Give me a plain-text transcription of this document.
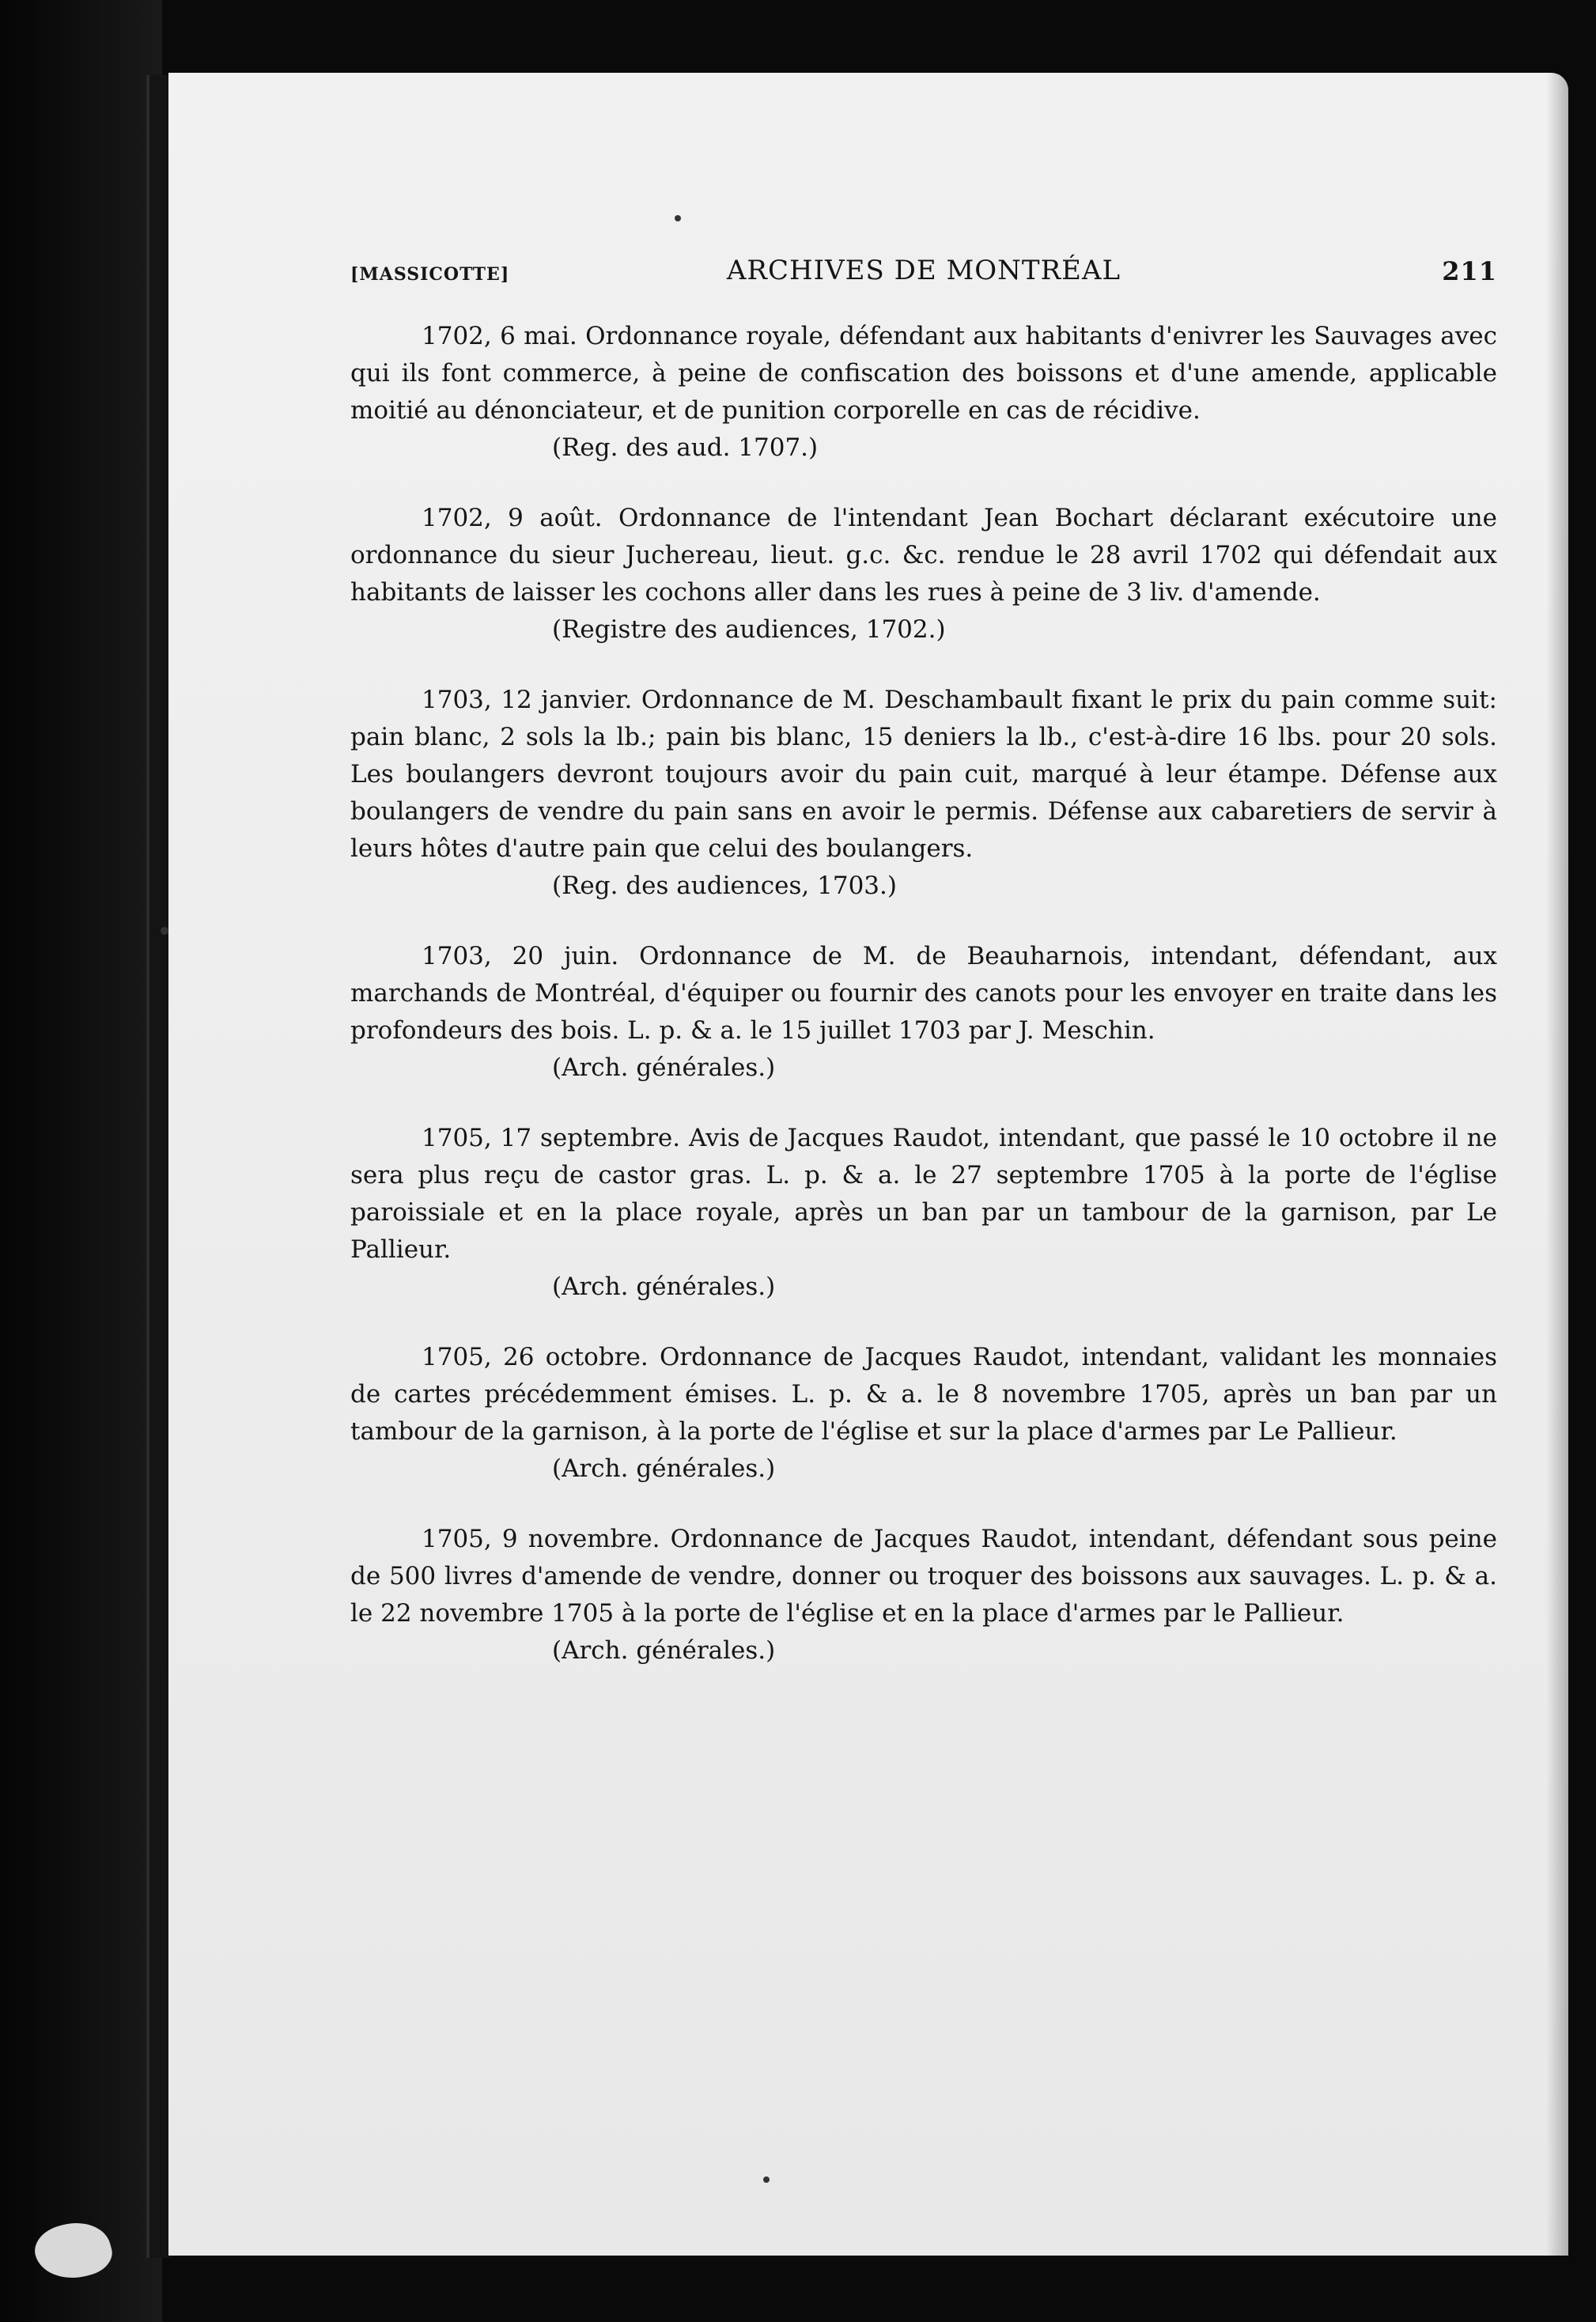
[MASSICOTTE]	ARCHIVES DE MONTRÉAL	211

1702, 6 mai. Ordonnance royale, défendant aux habitants d'enivrer les Sauvages avec qui ils font commerce, à peine de confiscation des boissons et d'une amende, applicable moitié au dénonciateur, et de punition corporelle en cas de récidive.

(Reg. des aud. 1707.)

1702, 9 août. Ordonnance de l'intendant Jean Bochart déclarant exécutoire une ordonnance du sieur Juchereau, lieut. g.c. &c. rendue le 28 avril 1702 qui défendait aux habitants de laisser les cochons aller dans les rues à peine de 3 liv. d'amende.

(Registre des audiences, 1702.)

1703, 12 janvier. Ordonnance de M. Deschambault fixant le prix du pain comme suit: pain blanc, 2 sols la lb.; pain bis blanc, 15 deniers la lb., c'est-à-dire 16 lbs. pour 20 sols. Les boulangers devront toujours avoir du pain cuit, marqué à leur étampe. Défense aux boulangers de vendre du pain sans en avoir le permis. Défense aux cabaretiers de servir à leurs hôtes d'autre pain que celui des boulangers.

(Reg. des audiences, 1703.)

1703, 20 juin. Ordonnance de M. de Beauharnois, intendant, défendant, aux marchands de Montréal, d'équiper ou fournir des canots pour les envoyer en traite dans les profondeurs des bois. L. p. & a. le 15 juillet 1703 par J. Meschin.

(Arch. générales.)

1705, 17 septembre. Avis de Jacques Raudot, intendant, que passé le 10 octobre il ne sera plus reçu de castor gras. L. p. & a. le 27 septembre 1705 à la porte de l'église paroissiale et en la place royale, après un ban par un tambour de la garnison, par Le Pallieur.

(Arch. générales.)

1705, 26 octobre. Ordonnance de Jacques Raudot, intendant, validant les monnaies de cartes précédemment émises. L. p. & a. le 8 novembre 1705, après un ban par un tambour de la garnison, à la porte de l'église et sur la place d'armes par Le Pallieur.

(Arch. générales.)

1705, 9 novembre. Ordonnance de Jacques Raudot, intendant, défendant sous peine de 500 livres d'amende de vendre, donner ou troquer des boissons aux sauvages. L. p. & a. le 22 novembre 1705 à la porte de l'église et en la place d'armes par le Pallieur.

(Arch. générales.)
